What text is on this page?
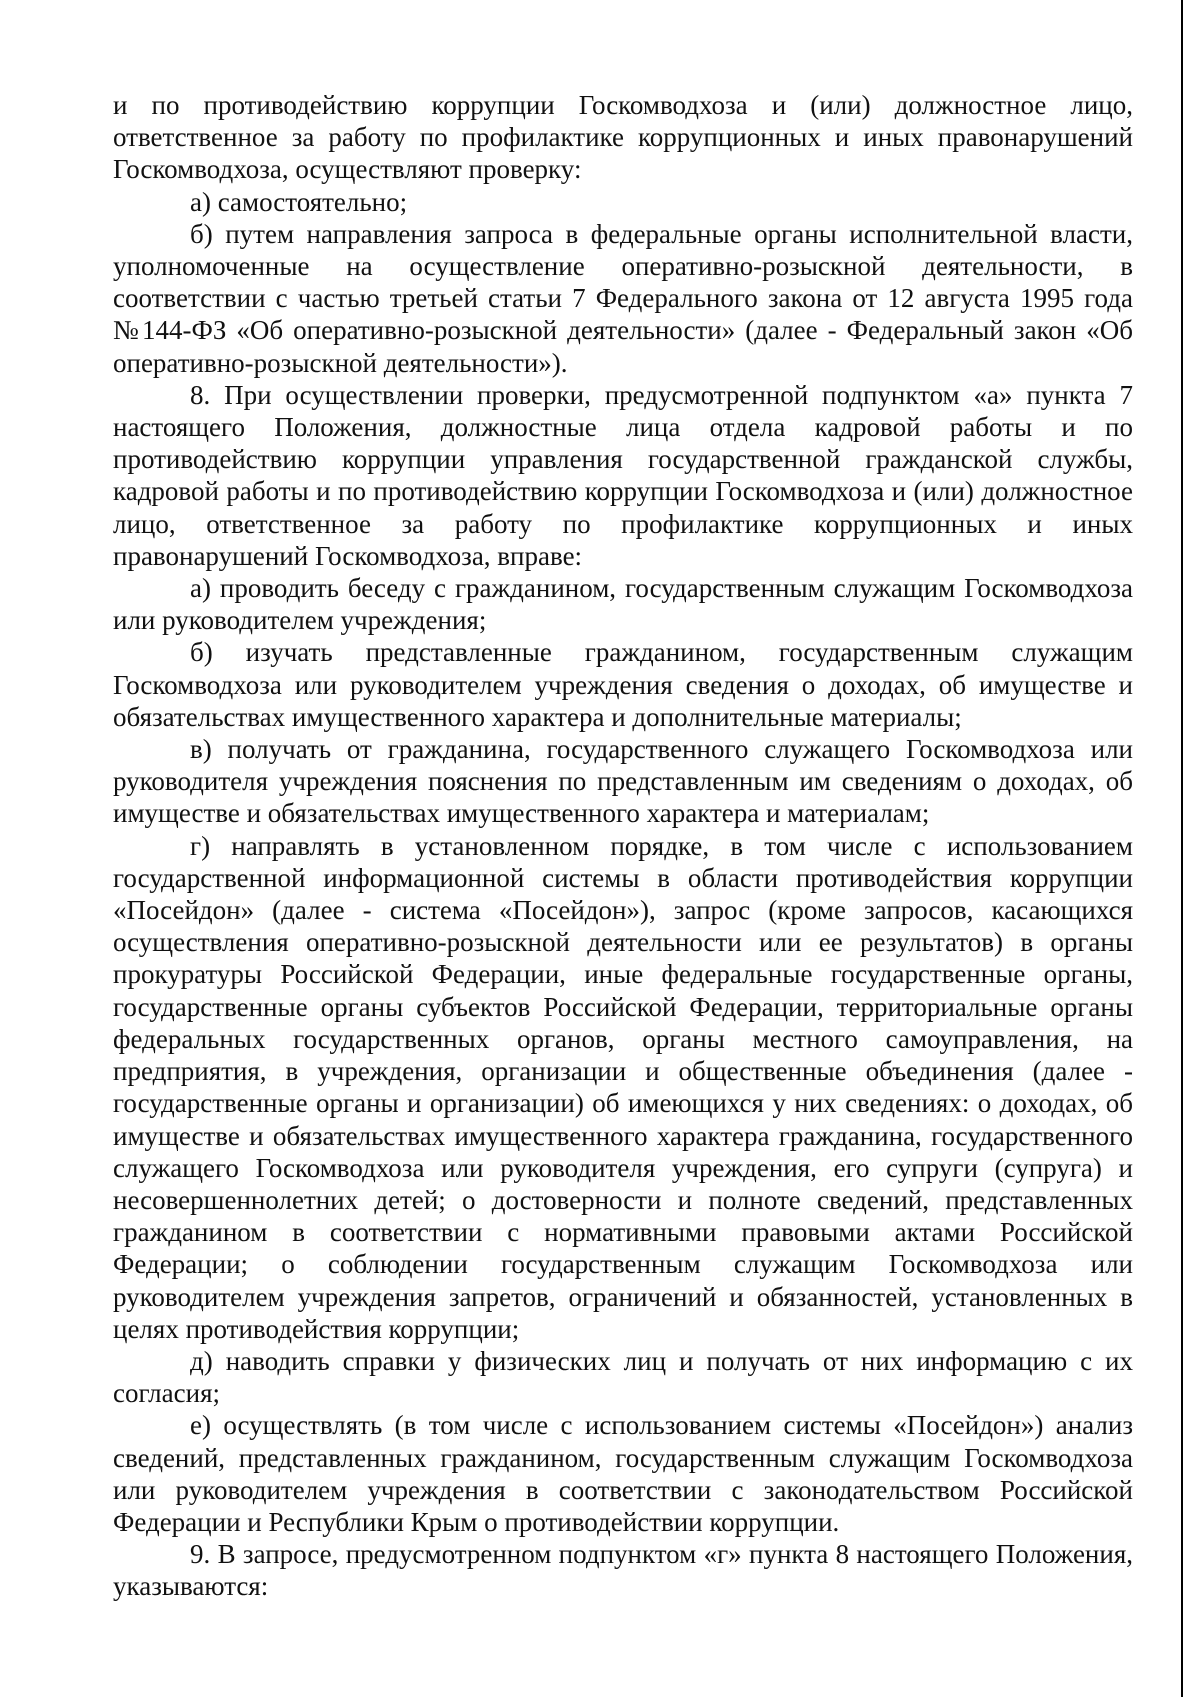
и по противодействию коррупции Госкомводхоза и (или) должностное лицо, ответственное за работу по профилактике коррупционных и иных правонарушений Госкомводхоза, осуществляют проверку:

а) самостоятельно;

б) путем направления запроса в федеральные органы исполнительной власти, уполномоченные на осуществление оперативно-розыскной деятельности, в соответствии с частью третьей статьи 7 Федерального закона от 12 августа 1995 года №144-ФЗ «Об оперативно-розыскной деятельности» (далее - Федеральный закон «Об оперативно-розыскной деятельности»).

8. При осуществлении проверки, предусмотренной подпунктом «а» пункта 7 настоящего Положения, должностные лица отдела кадровой работы и по противодействию коррупции управления государственной гражданской службы, кадровой работы и по противодействию коррупции Госкомводхоза и (или) должностное лицо, ответственное за работу по профилактике коррупционных и иных правонарушений Госкомводхоза, вправе:

а) проводить беседу с гражданином, государственным служащим Госкомводхоза или руководителем учреждения;

б) изучать представленные гражданином, государственным служащим Госкомводхоза или руководителем учреждения сведения о доходах, об имуществе и обязательствах имущественного характера и дополнительные материалы;

в) получать от гражданина, государственного служащего Госкомводхоза или руководителя учреждения пояснения по представленным им сведениям о доходах, об имуществе и обязательствах имущественного характера и материалам;

г) направлять в установленном порядке, в том числе с использованием государственной информационной системы в области противодействия коррупции «Посейдон» (далее - система «Посейдон»), запрос (кроме запросов, касающихся осуществления оперативно-розыскной деятельности или ее результатов) в органы прокуратуры Российской Федерации, иные федеральные государственные органы, государственные органы субъектов Российской Федерации, территориальные органы федеральных государственных органов, органы местного самоуправления, на предприятия, в учреждения, организации и общественные объединения (далее - государственные органы и организации) об имеющихся у них сведениях: о доходах, об имуществе и обязательствах имущественного характера гражданина, государственного служащего Госкомводхоза или руководителя учреждения, его супруги (супруга) и несовершеннолетних детей; о достоверности и полноте сведений, представленных гражданином в соответствии с нормативными правовыми актами Российской Федерации; о соблюдении государственным служащим Госкомводхоза или руководителем учреждения запретов, ограничений и обязанностей, установленных в целях противодействия коррупции;

д) наводить справки у физических лиц и получать от них информацию с их согласия;

е) осуществлять (в том числе с использованием системы «Посейдон») анализ сведений, представленных гражданином, государственным служащим Госкомводхоза или руководителем учреждения в соответствии с законодательством Российской Федерации и Республики Крым о противодействии коррупции.

9. В запросе, предусмотренном подпунктом «г» пункта 8 настоящего Положения, указываются:
